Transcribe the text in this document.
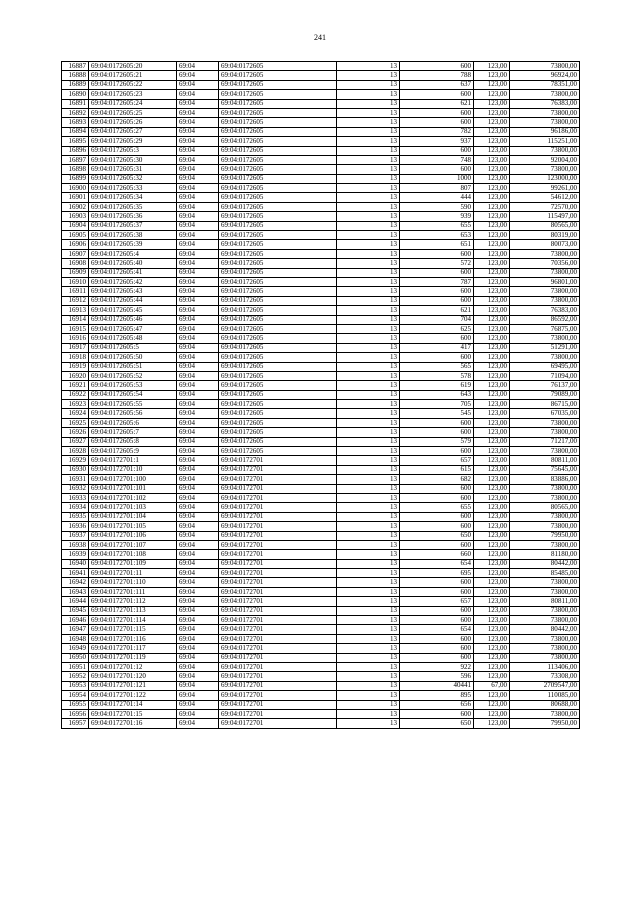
241
16887	69:04:0172605:20	69:04	69:04:0172605	13	600	123,00	73800,00
16888	69:04:0172605:21	69:04	69:04:0172605	13	788	123,00	96924,00
16889	69:04:0172605:22	69:04	69:04:0172605	13	637	123,00	78351,00
16890	69:04:0172605:23	69:04	69:04:0172605	13	600	123,00	73800,00
16891	69:04:0172605:24	69:04	69:04:0172605	13	621	123,00	76383,00
16892	69:04:0172605:25	69:04	69:04:0172605	13	600	123,00	73800,00
16893	69:04:0172605:26	69:04	69:04:0172605	13	600	123,00	73800,00
16894	69:04:0172605:27	69:04	69:04:0172605	13	782	123,00	96186,00
16895	69:04:0172605:29	69:04	69:04:0172605	13	937	123,00	115251,00
16896	69:04:0172605:3	69:04	69:04:0172605	13	600	123,00	73800,00
16897	69:04:0172605:30	69:04	69:04:0172605	13	748	123,00	92004,00
16898	69:04:0172605:31	69:04	69:04:0172605	13	600	123,00	73800,00
16899	69:04:0172605:32	69:04	69:04:0172605	13	1000	123,00	123000,00
16900	69:04:0172605:33	69:04	69:04:0172605	13	807	123,00	99261,00
16901	69:04:0172605:34	69:04	69:04:0172605	13	444	123,00	54612,00
16902	69:04:0172605:35	69:04	69:04:0172605	13	590	123,00	72570,00
16903	69:04:0172605:36	69:04	69:04:0172605	13	939	123,00	115497,00
16904	69:04:0172605:37	69:04	69:04:0172605	13	655	123,00	80565,00
16905	69:04:0172605:38	69:04	69:04:0172605	13	653	123,00	80319,00
16906	69:04:0172605:39	69:04	69:04:0172605	13	651	123,00	80073,00
16907	69:04:0172605:4	69:04	69:04:0172605	13	600	123,00	73800,00
16908	69:04:0172605:40	69:04	69:04:0172605	13	572	123,00	70356,00
16909	69:04:0172605:41	69:04	69:04:0172605	13	600	123,00	73800,00
16910	69:04:0172605:42	69:04	69:04:0172605	13	787	123,00	96801,00
16911	69:04:0172605:43	69:04	69:04:0172605	13	600	123,00	73800,00
16912	69:04:0172605:44	69:04	69:04:0172605	13	600	123,00	73800,00
16913	69:04:0172605:45	69:04	69:04:0172605	13	621	123,00	76383,00
16914	69:04:0172605:46	69:04	69:04:0172605	13	704	123,00	86592,00
16915	69:04:0172605:47	69:04	69:04:0172605	13	625	123,00	76875,00
16916	69:04:0172605:48	69:04	69:04:0172605	13	600	123,00	73800,00
16917	69:04:0172605:5	69:04	69:04:0172605	13	417	123,00	51291,00
16918	69:04:0172605:50	69:04	69:04:0172605	13	600	123,00	73800,00
16919	69:04:0172605:51	69:04	69:04:0172605	13	565	123,00	69495,00
16920	69:04:0172605:52	69:04	69:04:0172605	13	578	123,00	71094,00
16921	69:04:0172605:53	69:04	69:04:0172605	13	619	123,00	76137,00
16922	69:04:0172605:54	69:04	69:04:0172605	13	643	123,00	79089,00
16923	69:04:0172605:55	69:04	69:04:0172605	13	705	123,00	86715,00
16924	69:04:0172605:56	69:04	69:04:0172605	13	545	123,00	67035,00
16925	69:04:0172605:6	69:04	69:04:0172605	13	600	123,00	73800,00
16926	69:04:0172605:7	69:04	69:04:0172605	13	600	123,00	73800,00
16927	69:04:0172605:8	69:04	69:04:0172605	13	579	123,00	71217,00
16928	69:04:0172605:9	69:04	69:04:0172605	13	600	123,00	73800,00
16929	69:04:0172701:1	69:04	69:04:0172701	13	657	123,00	80811,00
16930	69:04:0172701:10	69:04	69:04:0172701	13	615	123,00	75645,00
16931	69:04:0172701:100	69:04	69:04:0172701	13	682	123,00	83886,00
16932	69:04:0172701:101	69:04	69:04:0172701	13	600	123,00	73800,00
16933	69:04:0172701:102	69:04	69:04:0172701	13	600	123,00	73800,00
16934	69:04:0172701:103	69:04	69:04:0172701	13	655	123,00	80565,00
16935	69:04:0172701:104	69:04	69:04:0172701	13	600	123,00	73800,00
16936	69:04:0172701:105	69:04	69:04:0172701	13	600	123,00	73800,00
16937	69:04:0172701:106	69:04	69:04:0172701	13	650	123,00	79950,00
16938	69:04:0172701:107	69:04	69:04:0172701	13	600	123,00	73800,00
16939	69:04:0172701:108	69:04	69:04:0172701	13	660	123,00	81180,00
16940	69:04:0172701:109	69:04	69:04:0172701	13	654	123,00	80442,00
16941	69:04:0172701:11	69:04	69:04:0172701	13	695	123,00	85485,00
16942	69:04:0172701:110	69:04	69:04:0172701	13	600	123,00	73800,00
16943	69:04:0172701:111	69:04	69:04:0172701	13	600	123,00	73800,00
16944	69:04:0172701:112	69:04	69:04:0172701	13	657	123,00	80811,00
16945	69:04:0172701:113	69:04	69:04:0172701	13	600	123,00	73800,00
16946	69:04:0172701:114	69:04	69:04:0172701	13	600	123,00	73800,00
16947	69:04:0172701:115	69:04	69:04:0172701	13	654	123,00	80442,00
16948	69:04:0172701:116	69:04	69:04:0172701	13	600	123,00	73800,00
16949	69:04:0172701:117	69:04	69:04:0172701	13	600	123,00	73800,00
16950	69:04:0172701:119	69:04	69:04:0172701	13	600	123,00	73800,00
16951	69:04:0172701:12	69:04	69:04:0172701	13	922	123,00	113406,00
16952	69:04:0172701:120	69:04	69:04:0172701	13	596	123,00	73308,00
16953	69:04:0172701:121	69:04	69:04:0172701	13	40441	67,00	2709547,00
16954	69:04:0172701:122	69:04	69:04:0172701	13	895	123,00	110085,00
16955	69:04:0172701:14	69:04	69:04:0172701	13	656	123,00	80688,00
16956	69:04:0172701:15	69:04	69:04:0172701	13	600	123,00	73800,00
16957	69:04:0172701:16	69:04	69:04:0172701	13	650	123,00	79950,00
